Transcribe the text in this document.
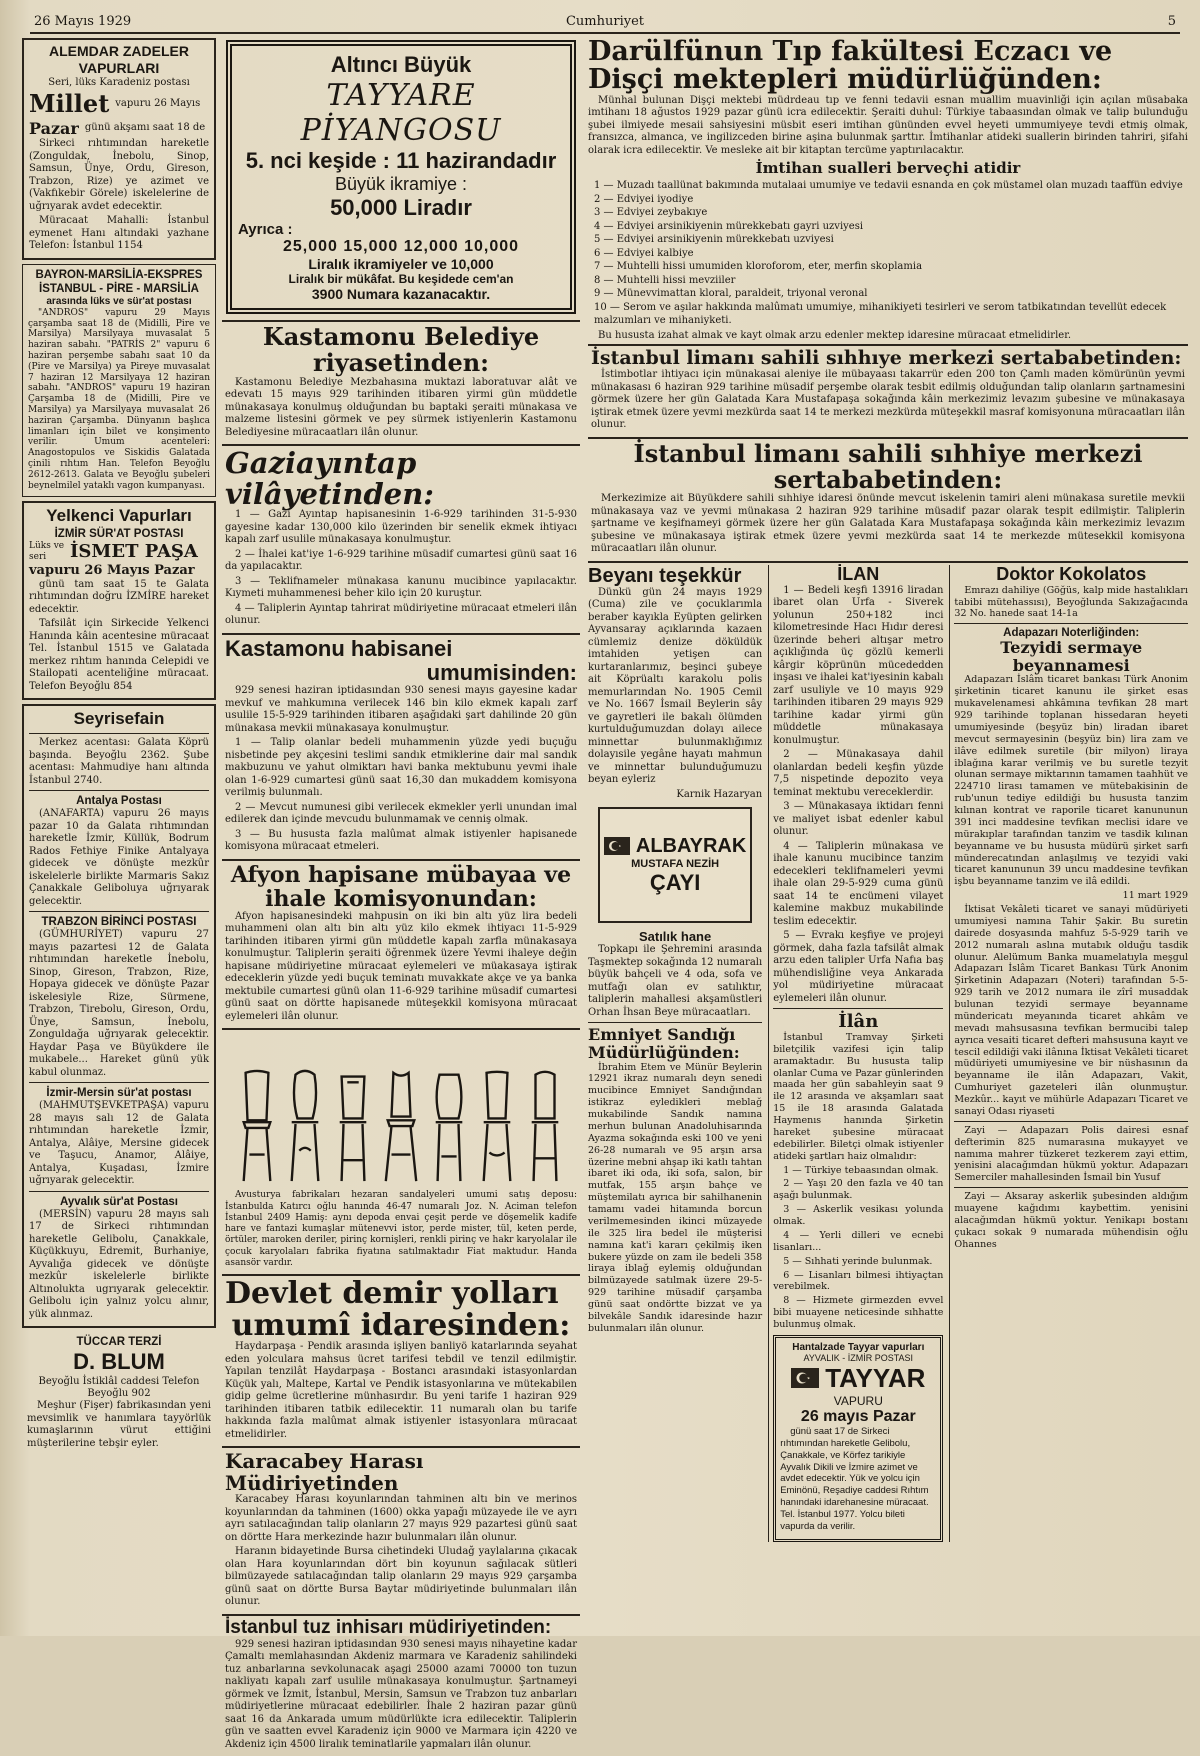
26 Mayıs 1929	Cumhuriyet	5
ALEMDAR ZADELER VAPURLARI
Seri, lüks Karadeniz postası
Millet vapuru 26 Mayıs
Pazar günü akşamı saat 18 de

Sirkeci rıhtımından hareketle (Zonguldak, İnebolu, Sinop, Samsun, Ünye, Ordu, Gireson, Trabzon, Rize) ye azimet ve (Vakfıkebir Görele) iskelelerine de uğrıyarak avdet edecektir.

Müracaat Mahalli: İstanbul eymenet Hanı altındaki yazhane Telefon: İstanbul 1154

BAYRON-MARSİLİA-EKSPRES
İSTANBUL - PİRE - MARSİLİA
arasında lüks ve sür'at postası

"ANDROS" vapuru 29 Mayıs çarşamba saat 18 de (Midilli, Pire ve Marsilya) Marsilyaya muvasalat 5 haziran sabahı. "PATRİS 2" vapuru 6 haziran perşembe sabahı saat 10 da (Pire ve Marsilya) ya Pireye muvasalat 7 haziran 12 Marsilyaya 12 haziran sabahı. "ANDROS" vapuru 19 haziran Çarşamba 18 de (Midilli, Pire ve Marsilya) ya Marsilyaya muvasalat 26 haziran Çarşamba. Dünyanın başlıca limanları için bilet ve konşimento verilir. Umum acenteleri: Anagostopulos ve Siskidis Galatada çinili rıhtım Han. Telefon Beyoğlu 2612-2613. Galata ve Beyoğlu şubeleri beynelmilel yataklı vagon kumpanyası.

Yelkenci Vapurları
İZMİR SÜR'AT POSTASI
Lüks ve seri	İSMET PAŞA
vapuru 26 Mayıs Pazar

günü tam saat 15 te Galata rıhtımından doğru İZMİRE hareket edecektir.

Tafsilât için Sirkecide Yelkenci Hanında kâin acentesine müracaat Tel. İstanbul 1515 ve Galatada merkez rıhtım hanında Celepidi ve Stailopati acenteliğine müracaat. Telefon Beyoğlu 854

Seyrisefain

Merkez acentası: Galata Köprü başında. Beyoğlu 2362. Şube acentası: Mahmudiye hanı altında İstanbul 2740.

Antalya Postası

(ANAFARTA) vapuru 26 mayıs pazar 10 da Galata rıhtımından hareketle İzmir, Küllük, Bodrum Rados Fethiye Finike Antalyaya gidecek ve dönüşte mezkûr iskelelerle birlikte Marmaris Sakız Çanakkale Geliboluya uğrıyarak gelecektir.

TRABZON BİRİNCİ POSTASI

(GÜMHURİYET) vapuru 27 mayıs pazartesi 12 de Galata rıhtımından hareketle İnebolu, Sinop, Gireson, Trabzon, Rize, Hopaya gidecek ve dönüşte Pazar iskelesiyle Rize, Sürmene, Trabzon, Tirebolu, Gireson, Ordu, Ünye, Samsun, İnebolu, Zonguldağa uğrıyarak gelecektir. Haydar Paşa ve Büyükdere ile mukabele... Hareket günü yük kabul olunmaz.

İzmir-Mersin sür'at postası

(MAHMUTŞEVKETPAŞA) vapuru 28 mayıs salı 12 de Galata rıhtımından hareketle İzmir, Antalya, Alâiye, Mersine gidecek ve Taşucu, Anamor, Alâiye, Antalya, Kuşadası, İzmire uğrıyarak gelecektir.

Ayvalık sür'at Postası

(MERSİN) vapuru 28 mayıs salı 17 de Sirkeci rıhtımından hareketle Gelibolu, Çanakkale, Küçükkuyu, Edremit, Burhaniye, Ayvalığa gidecek ve dönüşte mezkûr iskelelerle birlikte Altınolukta ugrıyarak gelecektir. Gelibolu için yalnız yolcu alınır, yük alınmaz.

TÜCCAR TERZİ
D. BLUM
Beyoğlu İstiklâl caddesi Telefon Beyoğlu 902

Meşhur (Fişer) fabrikasından yeni mevsimlik ve hanımlara tayyörlük kumaşlarının vürut ettiğini müşterilerine tebşir eyler.

Altıncı Büyük
TAYYARE PİYANGOSU
5. nci keşide : 11 hazirandadır
Büyük ikramiye :
50,000 Liradır
Ayrıca :
25,000 15,000 12,000 10,000
Liralık ikramiyeler ve 10,000
Liralık bir mükâfat. Bu keşidede cem'an
3900 Numara kazanacaktır.
Kastamonu Belediye riyasetinden:

Kastamonu Belediye Mezbahasına muktazi laboratuvar alât ve edevatı 15 mayıs 929 tarihinden itibaren yirmi gün müddetle münakasaya konulmuş olduğundan bu baptaki şeraiti münakasa ve malzeme listesini görmek ve pey sürmek istiyenlerin Kastamonu Belediyesine müracaatları ilân olunur.

Gaziayıntap vilâyetinden:

1 — Gazi Ayıntap hapisanesinin 1-6-929 tarihinden 31-5-930 gayesine kadar 130,000 kilo üzerinden bir senelik ekmek ihtiyacı kapalı zarf usulile münakasaya konulmuştur.

2 — İhalei kat'iye 1-6-929 tarihine müsadif cumartesi günü saat 16 da yapılacaktır.

3 — Teklifnameler münakasa kanunu mucibince yapılacaktır. Kıymeti muhammenesi beher kilo için 20 kuruştur.

4 — Taliplerin Ayıntap tahrirat müdiriyetine müracaat etmeleri ilân olunur.

Kastamonu habisanei
umumisinden:

929 senesi haziran iptidasından 930 senesi mayıs gayesine kadar mevkuf ve mahkumına verilecek 146 bin kilo ekmek kapalı zarf usulile 15-5-929 tarihinden itibaren aşağıdaki şart dahilinde 20 gün münakasa mevkii münakasaya konulmuştur.

1 — Talip olanlar bedeli muhammenin yüzde yedi buçuğu nisbetinde pey akçesini teslimi sandık etmiklerine dair mal sandık makbuzunu ve yahut olmiktarı havi banka mektubunu yevmi ihale olan 1-6-929 cumartesi günü saat 16,30 dan mukaddem komisyona verilmiş bulunmalı.

2 — Mevcut numunesi gibi verilecek ekmekler yerli unundan imal edilerek dan içinde mevcudu bulunmamak ve cenniş olmak.

3 — Bu hususta fazla malûmat almak istiyenler hapisanede komisyona müracaat etmeleri.

Afyon hapisane mübayaa ve ihale komisyonundan:

Afyon hapisanesindeki mahpusin on iki bin altı yüz lira bedeli muhammeni olan altı bin altı yüz kilo ekmek ihtiyacı 11-5-929 tarihinden itibaren yirmi gün müddetle kapalı zarfla münakasaya konulmuştur. Taliplerin şeraiti öğrenmek üzere Yevmi ihaleye değin hapisane müdiriyetine müracaat eylemeleri ve müakasaya iştirak edeceklerin yüzde yedi buçuk teminatı muvakkate akçe ve ya banka mektubile cumartesi günü olan 11-6-929 tarihine müsadif cumartesi günü saat on dörtte hapisanede müteşekkil komisyona müracaat eylemeleri ilân olunur.

Avusturya fabrikaları hezaran sandalyeleri umumi satış deposu: İstanbulda Katırcı oğlu hanında 46-47 numaralı Joz. N. Aciman telefon İstanbul 2409 Hamiş: aynı depoda envai çeşit perde ve döşemelik kadife hare ve fantazi kumaşlar mütenevvi istor, perde mister, tül, keten perde, örtüler, maroken deriler, pirinç kornişleri, renkli pirinç ve hakr karyolalar ile çocuk karyolaları fabrika fiyatına satılmaktadır Fiat maktudur. Handa asansör vardır.

Devlet demir yolları
umumî idaresinden:

Haydarpaşa - Pendik arasında işliyen banliyö katarlarında seyahat eden yolculara mahsus ücret tarifesi tebdil ve tenzil edilmiştir. Yapılan tenzilât Haydarpaşa - Bostancı arasındaki istasyonlardan Küçük yalı, Maltepe, Kartal ve Pendik istasyonlarına ve mütekabilen gidip gelme ücretlerine münhasırdır. Bu yeni tarife 1 haziran 929 tarihinden itibaren tatbik edilecektir. 11 numaralı olan bu tarife hakkında fazla malûmat almak istiyenler istasyonlara müracaat etmelidirler.

Karacabey Harası Müdiriyetinden

Karacabey Harası koyunlarından tahminen altı bin ve merinos koyunlarından da tahminen (1600) okka yapağı müzayede ile ve ayrı ayrı satılacağından talip olanların 27 mayıs 929 pazartesi günü saat on dörtte Hara merkezinde hazır bulunmaları ilân olunur.

Haranın bidayetinde Bursa cihetindeki Uludağ yaylalarına çıkacak olan Hara koyunlarından dört bin koyunun sağılacak sütleri bilmüzayede satılacağından talip olanların 29 mayıs 929 çarşamba günü saat on dörtte Bursa Baytar müdiriyetinde bulunmaları ilân olunur.

İstanbul tuz inhisarı müdiriyetinden:

929 senesi haziran iptidasından 930 senesi mayıs nihayetine kadar Çamaltı memlahasından Akdeniz marmara ve Karadeniz sahilindeki tuz anbarlarına sevkolunacak aşagi 25000 azami 70000 ton tuzun nakliyatı kapalı zarf usulile münakasaya konulmuştur. Şartnameyi görmek ve İzmit, İstanbul, Mersin, Samsun ve Trabzon tuz anbarları müdiriyetlerine müracaat edebilirler. İhale 2 haziran pazar günü saat 16 da Ankarada umum müdürlükte icra edilecektir. Taliplerin gün ve saatten evvel Karadeniz için 9000 ve Marmara için 4220 ve Akdeniz için 4500 liralık teminatlarile yapmaları ilân olunur.

Darülfünun Tıp fakültesi Eczacı ve Dişçi mektepleri müdürlüğünden:

Münhal bulunan Dişçi mektebi müdrdeau tıp ve fenni tedavii esnan muallim muavinliği için açılan müsabaka imtihanı 18 ağustos 1929 pazar günü icra edilecektir. Şeraiti duhul: Türkiye tabaasından olmak ve talip bulunduğu şubei ilmiyede mesaii sahsiyesini müsbit eseri imtihan gününden evvel heyeti ummumiyeye tevdi etmiş olmak, fransızca, almanca, ve ingilizceden birine aşina bulunmak şarttır. İmtihanlar atideki suallerin birinden tahriri, şifahi olarak icra edilecektir. Ve mesleke ait bir kitaptan tercüme yaptırılacaktır.

İmtihan sualleri berveçhi atidir
1 — Muzadı taallünat bakımında mutalaai umumiye ve tedavii esnanda en çok müstamel olan muzadı taaffün edviye
2 — Edviyei iyodiye
3 — Edviyei zeybakıye
4 — Edviyei arsinikiyenin mürekkebatı gayri uzviyesi
5 — Edviyei arsinikiyenin mürekkebatı uzviyesi
6 — Edviyei kalbiye
7 — Muhtelli hissi umumiden kloroforom, eter, merfin skoplamia
8 — Muhtelli hissi mevziiler
9 — Münevvimattan kloral, paraldeit, triyonal veronal
10 — Serom ve aşılar hakkında malûmatı umumiye, mihanikiyeti tesirleri ve serom tatbikatından tevellüt edecek malzumları ve mihaniyketi.

Bu hususta izahat almak ve kayt olmak arzu edenler mektep idaresine müracaat etmelidirler.

İstanbul limanı sahili sıhhıye merkezi sertababetinden:

İstimbotlar ihtiyacı için münakasai aleniye ile mübayaası takarrür eden 200 ton Çamlı maden kömürünün yevmi münakasası 6 haziran 929 tarihine müsadif perşembe olarak tesbit edilmiş olduğundan talip olanların şartnamesini görmek üzere her gün Galatada Kara Mustafapaşa sokağında kâin merkezimiz levazım şubesine ve münakasaya iştirak etmek üzere yevmi mezkürda saat 14 te merkezi mezkürda müteşekkil masraf komisyonuna müracaatları ilân olunur.

İstanbul limanı sahili sıhhiye merkezi
sertababetinden:

Merkezimize ait Büyükdere sahili sıhhiye idaresi önünde mevcut iskelenin tamiri aleni münakasa suretile mevkii münakasaya vaz ve yevmi münakasa 2 haziran 929 tarihine müsadif pazar olarak tespit edilmiştir. Taliplerin şartname ve keşifnameyi görmek üzere her gün Galatada Kara Mustafapaşa sokağında kâin merkezimiz levazım şubesine ve münakasaya iştirak etmek üzere yevmi mezkürda saat 14 te merkezde mütesekkil komisyona müracaatları ilân olunur.

Beyanı teşekkür

Dünkü gün 24 mayıs 1929 (Cuma) zile ve çocuklarımla beraber kayıkla Eyüpten gelirken Ayvansaray açıklarında kazaen cümlemiz denize döküldük imtahiden yetişen can kurtaranlarımız, beşinci şubeye ait Köprüaltı karakolu polis memurlarından No. 1905 Cemil ve No. 1667 İsmail Beylerin sây ve gayretleri ile bakalı ölümden kurtulduğumuzdan dolayı ailece minnettar bulunmaklığımız dolayısile yegâne hayatı mahmun ve minnettar bulunduğumuzu beyan eyleriz

Karnik Hazaryan

ALBAYRAK
MUSTAFA NEZİH
ÇAYI
Satılık hane

Topkapı ile Şehremini arasında Taşmektep sokağında 12 numaralı büyük bahçeli ve 4 oda, sofa ve mutfağı olan ev satılıktır, taliplerin mahallesi akşamüstleri Orhan İhsan Beye müracaatları.

Emniyet Sandığı Müdürlüğünden:

İbrahim Etem ve Münür Beylerin 12921 ikraz numaralı deyn senedi mucibince Emniyet Sandığından istikraz eyledikleri meblağ mukabilinde Sandık namına merhun bulunan Anadoluhisarında Ayazma sokağında eski 100 ve yeni 26-28 numaralı ve 95 arşın arsa üzerine mebni ahşap iki katlı tahtan ibaret iki oda, iki sofa, salon, bir mutfak, 155 arşın bahçe ve müştemilatı ayrıca bir sahilhanenin tamamı vadei hitamında borcun verilmemesinden ikinci müzayede ile 325 lira bedel ile müşterisi namına kat'i kararı çekilmiş iken bukere yüzde on zam ile bedeli 358 liraya iblağ eylemiş olduğundan bilmüzayede satılmak üzere 29-5-929 tarihine müsadif çarşamba günü saat ondörtte bizzat ve ya bilvekâle Sandık idaresinde hazır bulunmaları ilân olunur.

İLAN

1 — Bedeli keşfi 13916 liradan ibaret olan Urfa - Siverek yolunun 250+182 inci kilometresinde Hacı Hıdır deresi üzerinde beheri altışar metro açıklığında üç gözlü kemerli kârgir köprünün mücededden inşası ve ihalei kat'iyesinin kabalı zarf usuliyle ve 10 mayıs 929 tarihinden itibaren 29 mayıs 929 tarihine kadar yirmi gün müddetle münakasaya konulmuştur.

2 — Münakasaya dahil olanlardan bedeli keşfin yüzde 7,5 nispetinde depozito veya teminat mektubu vereceklerdir.

3 — Münakasaya iktidarı fenni ve maliyet isbat edenler kabul olunur.

4 — Taliplerin münakasa ve ihale kanunu mucibince tanzim edecekleri teklifnameleri yevmi ihale olan 29-5-929 cuma günü saat 14 te encümeni vilayet kalemine makbuz mukabilinde teslim edecektir.

5 — Evrakı keşfiye ve projeyi görmek, daha fazla tafsilât almak arzu eden talipler Urfa Nafıa baş mühendisliğine veya Ankarada yol müdiriyetine müracaat eylemeleri ilân olunur.

İlân

İstanbul Tramvay Şirketi biletçilik vazifesi için talip aramaktadır. Bu hususta talip olanlar Cuma ve Pazar günlerinden maada her gün sabahleyin saat 9 ile 12 arasında ve akşamları saat 15 ile 18 arasında Galatada Haymenıs hanında Şirketin hareket şubesine müracaat edebilirler. Biletçi olmak istiyenler atideki şartları haiz olmalıdır:

1 — Türkiye tebaasından olmak.

2 — Yaşı 20 den fazla ve 40 tan aşağı bulunmak.

3 — Askerlik vesikası yolunda olmak.

4 — Yerli dilleri ve ecnebi lisanları...

5 — Sıhhati yerinde bulunmak.

6 — Lisanları bilmesi ihtiyaçtan verebilmek.

8 — Hizmete girmezden evvel bibi muayene neticesinde sıhhatte bulunmuş olmak.

Hantalzade Tayyar vapurları
AYVALIK - İZMİR POSTASI
TAYYAR
VAPURU
26 mayıs Pazar

günü saat 17 de Sirkeci rıhtımından hareketle Gelibolu, Çanakkale, ve Körfez tarikiyle Ayvalık Dikili ve İzmire azimet ve avdet edecektir. Yük ve yolcu için Eminönü, Reşadiye caddesi Rıhtım hanındaki idarehanesine müracaat. Tel. İstanbul 1977. Yolcu bileti vapurda da verilir.

Doktor Kokolatos

Emrazı dahiliye (Göğüs, kalp mide hastalıkları tabibi mütehassısı), Beyoğlunda Sakızağacında 32 No. hanede saat 14-1a

Adapazarı Noterliğinden:
Tezyidi sermaye beyannamesi

Adapazarı İslâm ticaret bankası Türk Anonim şirketinin ticaret kanunu ile şirket esas mukavelenamesi ahkâmına tevfikan 28 mart 929 tarihinde toplanan hissedaran heyeti umumiyesinde (beşyüz bin) liradan ibaret mevcut sermayesinin (beşyüz bin) lira zam ve ilâve edilmek suretile (bir milyon) liraya iblağına karar verilmiş ve bu suretle tezyit olunan sermaye miktarının tamamen taahhüt ve 224710 lirası tamamen ve mütebakisinin de rub'unun tediye edildiği bu hususta tanzim kılınan kontrat ve raporile ticaret kanununun 391 inci maddesine tevfikan meclisi idare ve mürakıplar tarafından tanzim ve tasdik kılınan beyanname ve bu hususta müdürü şirket sarfı münderecatından anlaşılmış ve tezyidi vaki ticaret kanununun 39 uncu maddesine tevfikan işbu beyanname tanzim ve ilâ edildi.

11 mart 1929

İktisat Vekâleti ticaret ve sanayi müdüriyeti umumiyesi namına Tahir Şakir. Bu suretin dairede dosyasında mahfuz 5-5-929 tarih ve 2012 numaralı aslına mutabık olduğu tasdik olunur. Alelümum Banka muamelatıyla meşgul Adapazarı İslâm Ticaret Bankası Türk Anonim Şirketinin Adapazarı (Noteri) tarafından 5-5-929 tarih ve 2012 numara ile zîrî musaddak bulunan tezyidi sermaye beyanname mündericatı meyanında ticaret ahkâm ve mevadı mahsusasına tevfikan bermucibi talep ayrıca vesaiti ticaret defteri mahsusuna kayıt ve tescil edildiği vaki ilânına İktisat Vekâleti ticaret müdüriyeti umumiyesine ve bir nüshasının da beyanname ile ilân Adapazarı, Vakit, Cumhuriyet gazeteleri ilân olunmuştur. Mezkûr... kayıt ve mühürle Adapazarı Ticaret ve sanayi Odası riyaseti

Zayi — Adapazarı Polis dairesi esnaf defterimin 825 numarasına mukayyet ve namıma mahrer tüzkeret tezkerem zayi ettim, yenisini alacağımdan hükmü yoktur. Adapazarı Semerciler mahallesinden İsmail bin Yusuf

Zayi — Aksaray askerlik şubesinden aldığım muayene kağıdımı kaybettim. yenisini alacağımdan hükmü yoktur. Yenikapı bostanı çukacı sokak 9 numarada mühendisin oğlu Ohannes
